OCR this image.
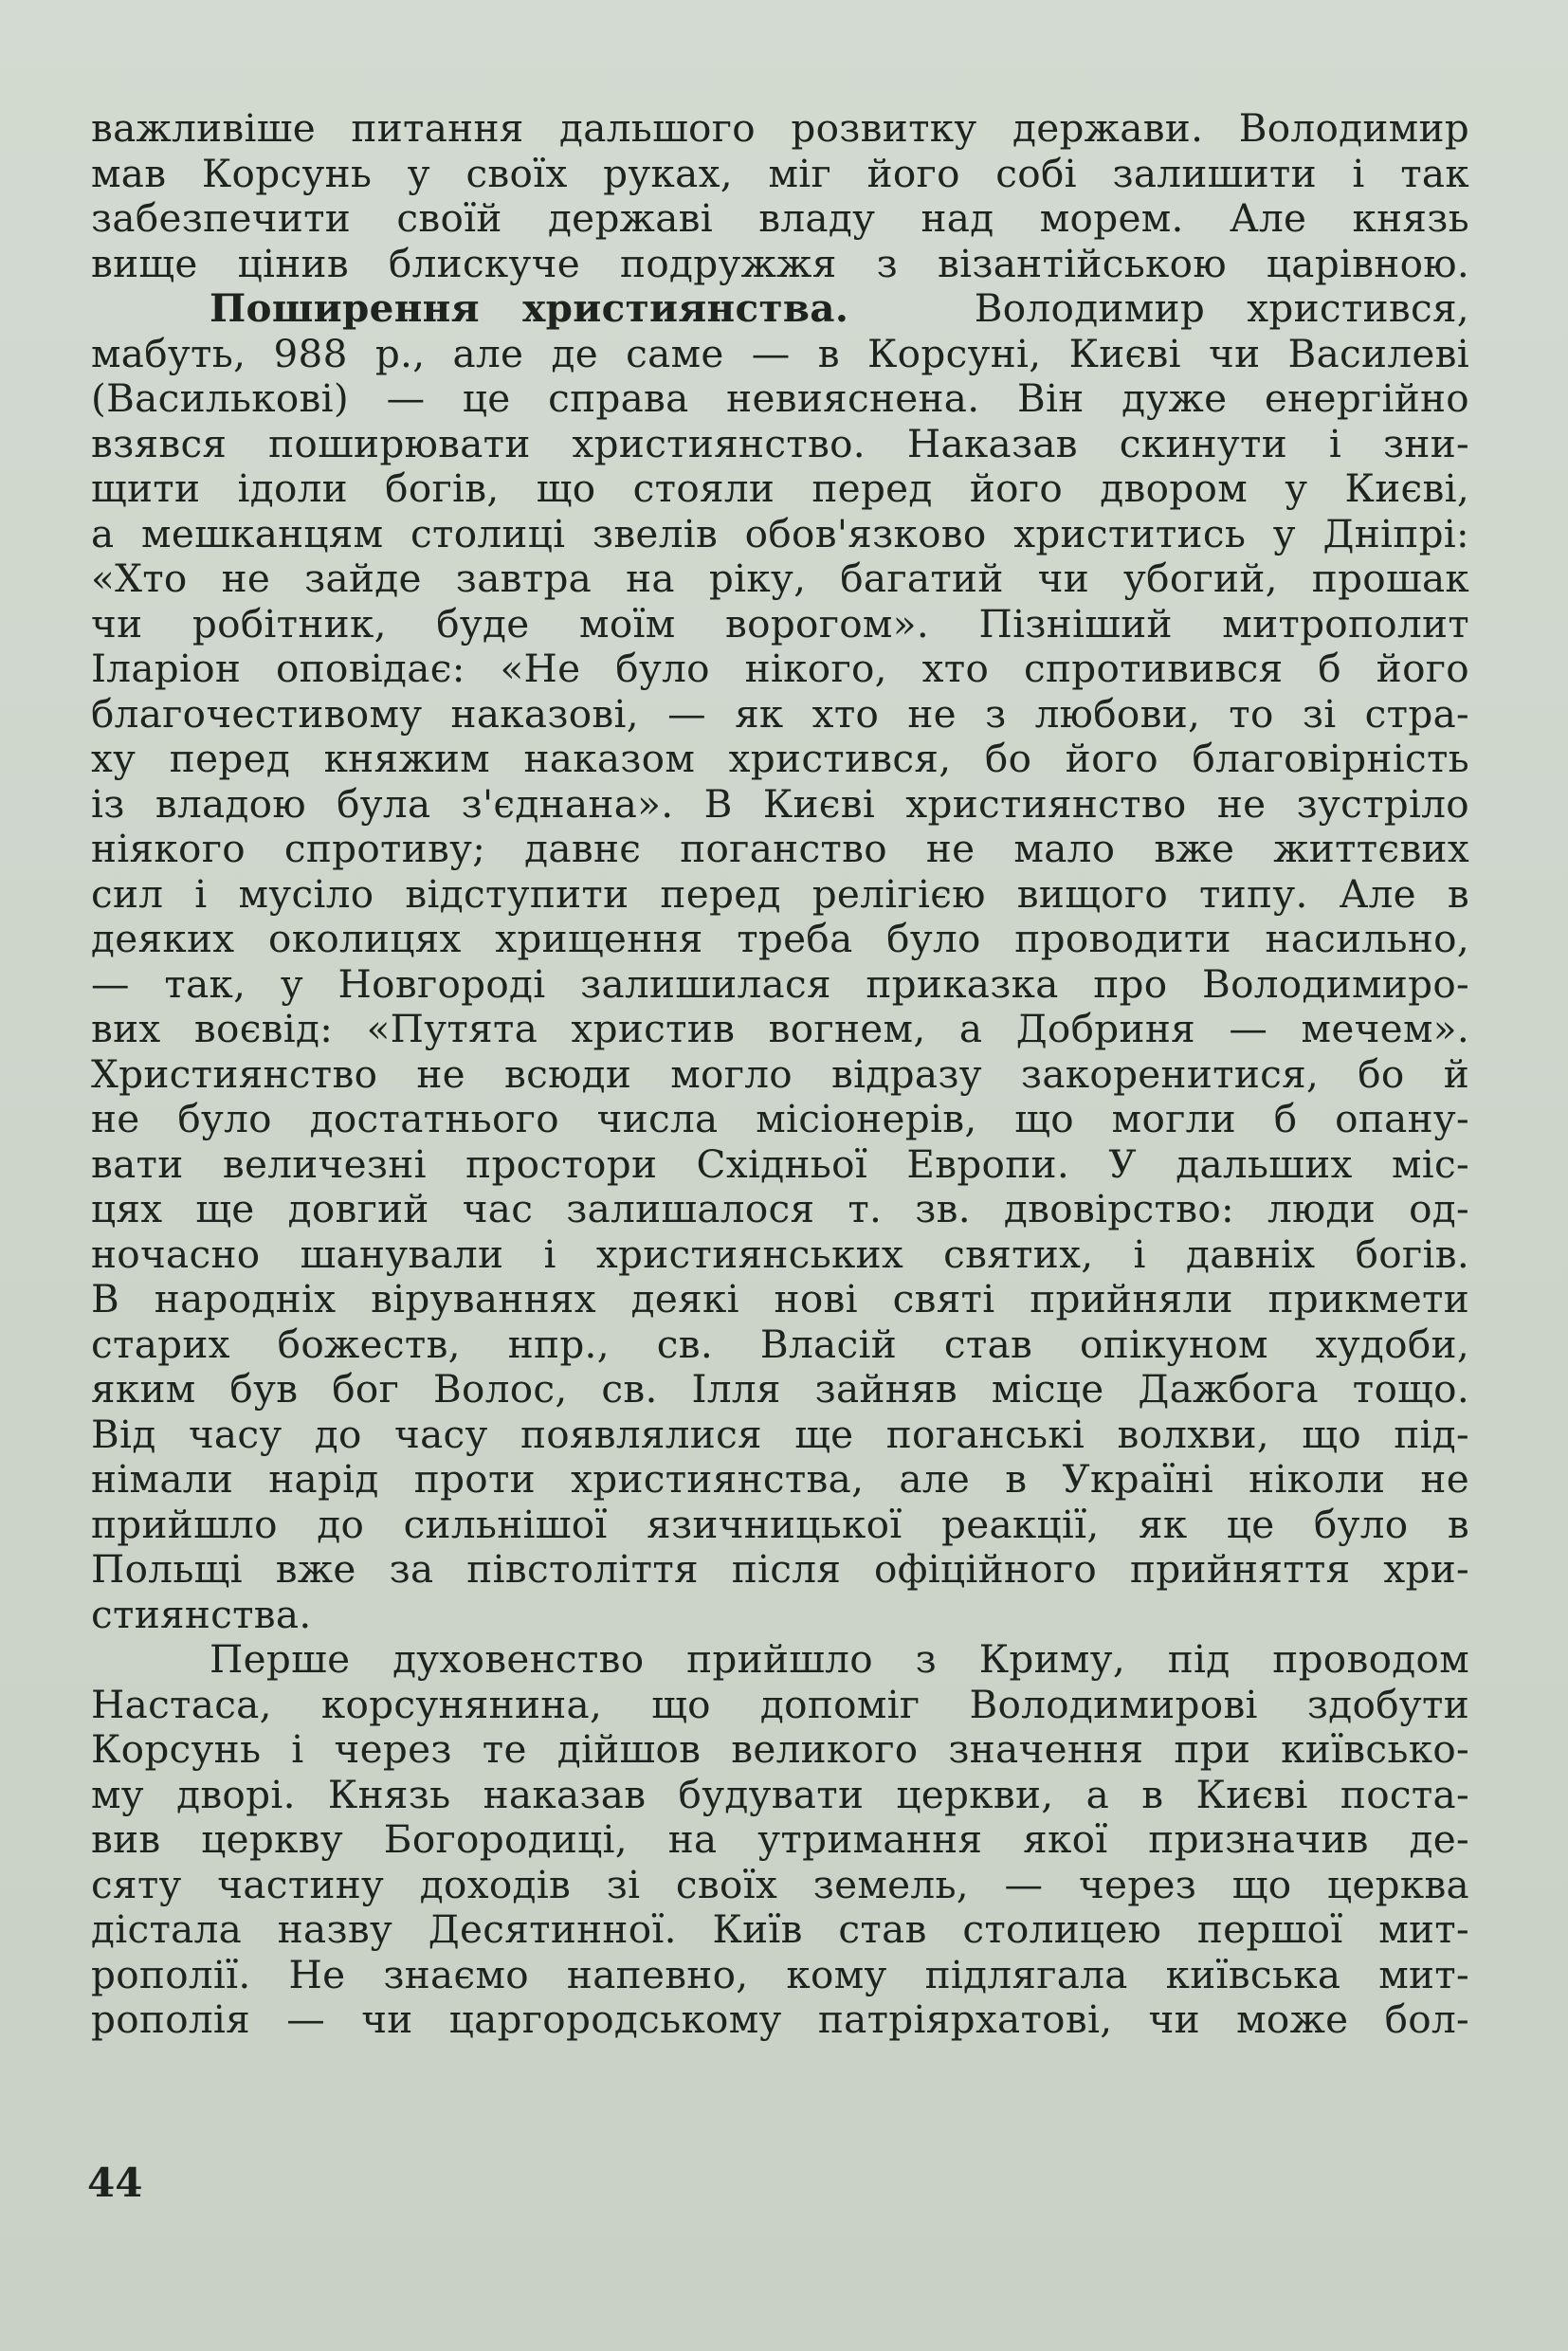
важливіше питання дальшого розвитку держави. Володимир
мав Корсунь у своїх руках, міг його собі залишити і так
забезпечити своїй державі владу над морем. Але князь
вище цінив блискуче подружжя з візантійською царівною.

Поширення християнства.	Володимир христився,
мабуть, 988 р., але де саме — в Корсуні, Києві чи Василеві
(Василькові) — це справа невияснена. Він дуже енергійно
взявся поширювати християнство. Наказав скинути і зни-
щити ідоли богів, що стояли перед його двором у Києві,
а мешканцям столиці звелів обов'язково христитись у Дніпрі:
«Хто не зайде завтра на ріку, багатий чи убогий, прошак
чи робітник, буде моїм ворогом». Пізніший митрополит
Іларіон оповідає: «Не було нікого, хто спротивився б його
благочестивому наказові, — як хто не з любови, то зі стра-
ху перед княжим наказом христився, бо його благовірність
із владою була з'єднана». В Києві християнство не зустріло
ніякого спротиву; давнє поганство не мало вже життєвих
сил і мусіло відступити перед релігією вищого типу. Але в
деяких околицях хрищення треба було проводити насильно,
— так, у Новгороді залишилася приказка про Володимиро-
вих воєвід: «Путята христив вогнем, а Добриня — мечем».
Християнство не всюди могло відразу закоренитися, бо й
не було достатнього числа місіонерів, що могли б опану-
вати величезні простори Східньої Европи. У дальших міс-
цях ще довгий час залишалося т. зв. двовірство: люди од-
ночасно шанували і християнських святих, і давніх богів.
В народніх віруваннях деякі нові святі прийняли прикмети
старих божеств, нпр., св. Власій став опікуном худоби,
яким був бог Волос, св. Ілля зайняв місце Дажбога тощо.
Від часу до часу появлялися ще поганські волхви, що під-
німали нарід проти християнства, але в Україні ніколи не
прийшло до сильнішої язичницької реакції, як це було в
Польщі вже за півстоліття після офіційного прийняття хри-
стиянства.

Перше духовенство прийшло з Криму, під проводом
Настаса, корсунянина, що допоміг Володимирові здобути
Корсунь і через те дійшов великого значення при київсько-
му дворі. Князь наказав будувати церкви, а в Києві поста-
вив церкву Богородиці, на утримання якої призначив де-
сяту частину доходів зі своїх земель, — через що церква
дістала назву Десятинної. Київ став столицею першої мит-
рополії. Не знаємо напевно, кому підлягала київська мит-
рополія — чи царгородському патріярхатові, чи може бол-

44
